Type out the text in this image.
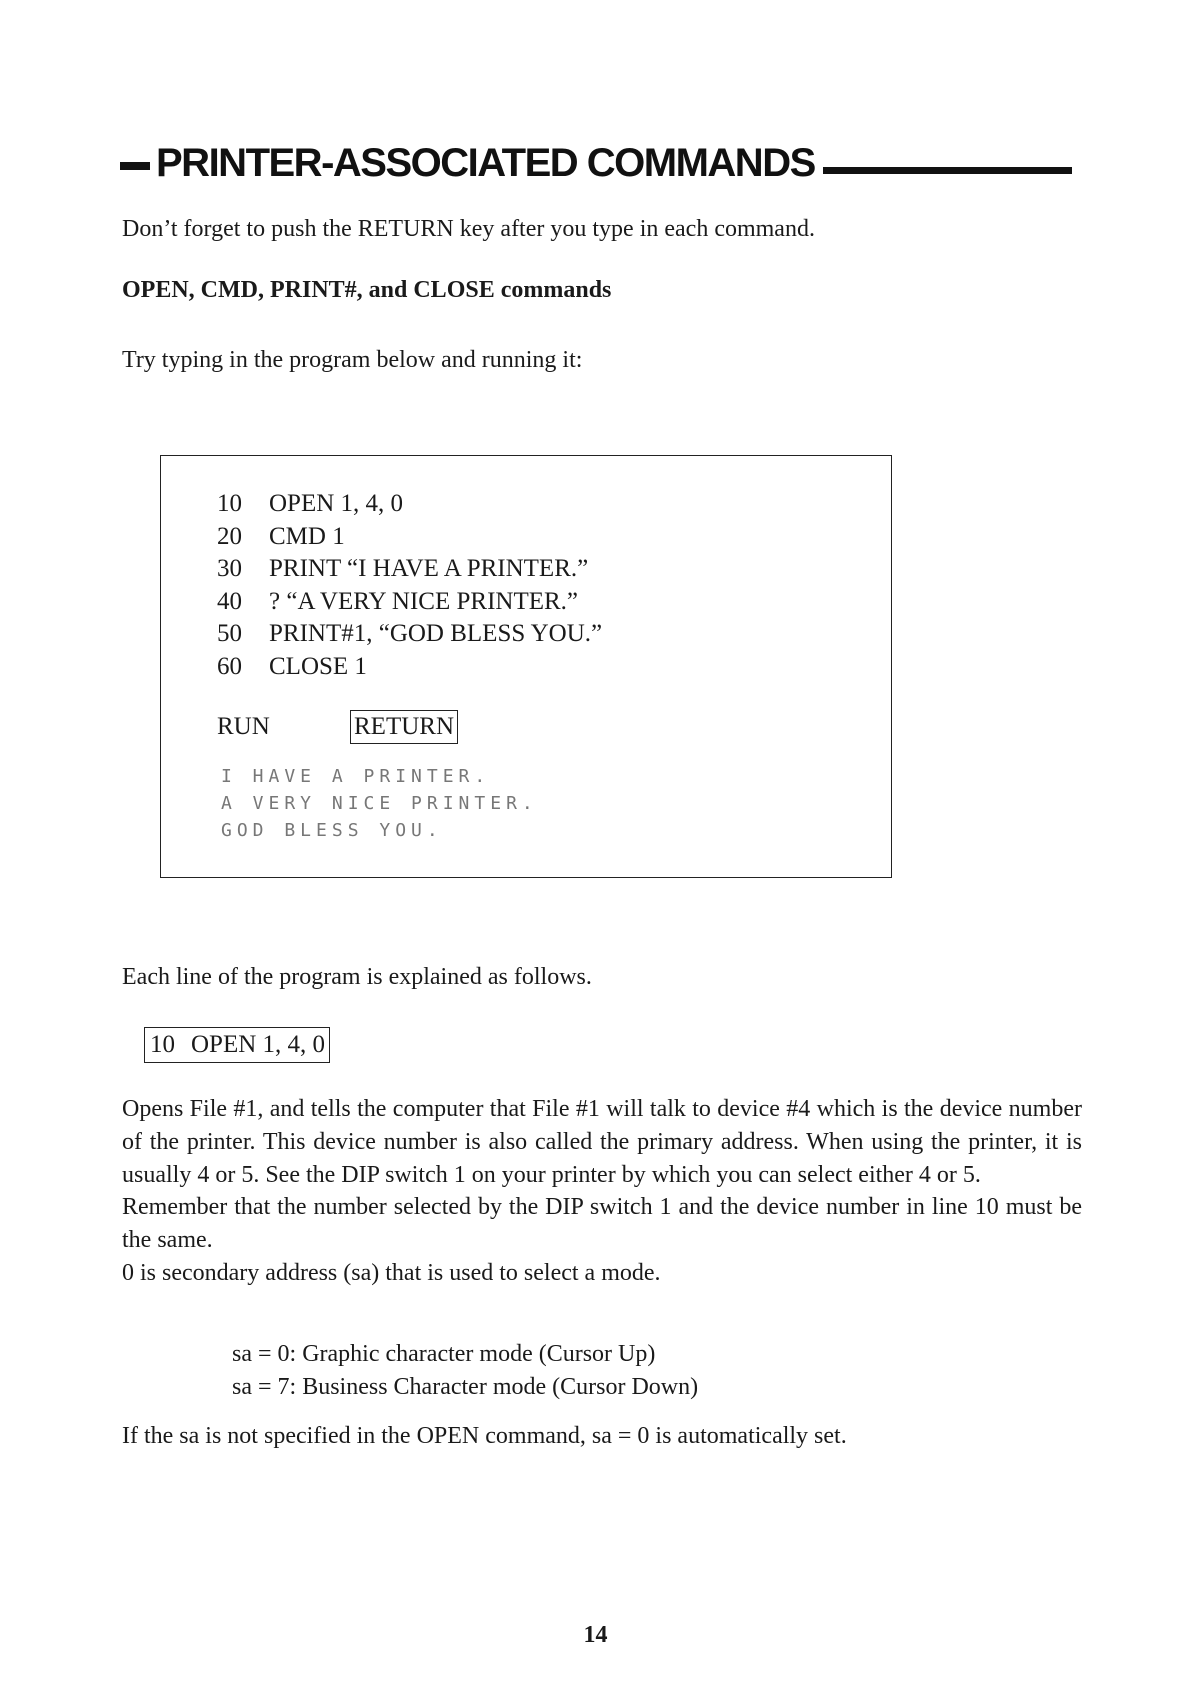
PRINTER-ASSOCIATED COMMANDS
Don’t forget to push the RETURN key after you type in each command.
OPEN, CMD, PRINT#, and CLOSE commands
Try typing in the program below and running it:
10	OPEN 1, 4, 0
20	CMD 1
30	PRINT “I HAVE A PRINTER.”
40	? “A VERY NICE PRINTER.”
50	PRINT#1, “GOD BLESS YOU.”
60	CLOSE 1
RUN	RETURN
I HAVE A PRINTER.
A VERY NICE PRINTER.
GOD BLESS YOU.
Each line of the program is explained as follows.
10 OPEN 1, 4, 0

Opens File #1, and tells the computer that File #1 will talk to device #4 which is the device number of the printer. This device number is also called the primary address. When using the printer, it is usually 4 or 5. See the DIP switch 1 on your printer by which you can select either 4 or 5.

Remember that the number selected by the DIP switch 1 and the device number in line 10 must be the same.

0 is secondary address (sa) that is used to select a mode.

sa = 0: Graphic character mode (Cursor Up)
sa = 7: Business Character mode (Cursor Down)
If the sa is not specified in the OPEN command, sa = 0 is automatically set.
14
